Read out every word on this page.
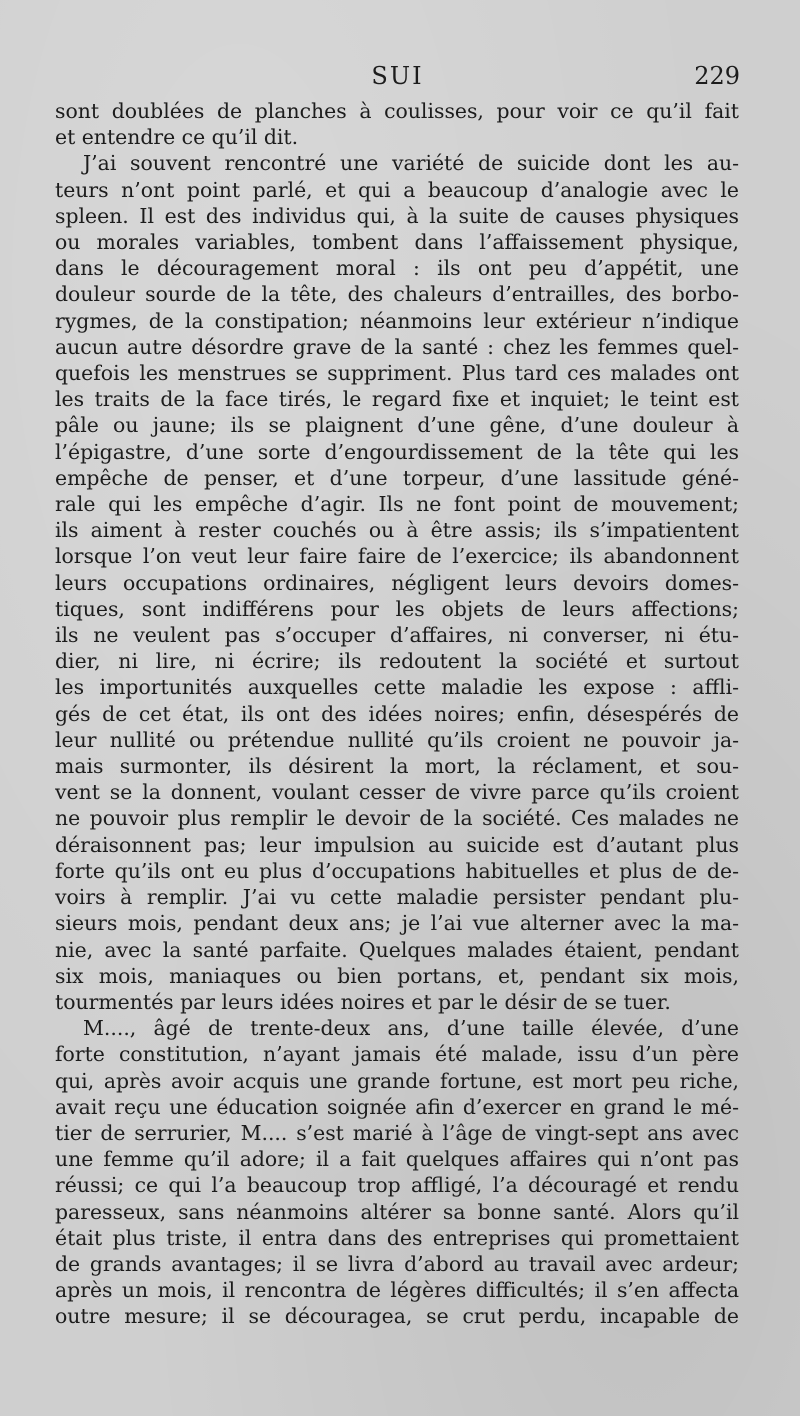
SUI	229
sont doublées de planches à coulisses, pour voir ce qu’il fait
et entendre ce qu’il dit.
J’ai souvent rencontré une variété de suicide dont les au-
teurs n’ont point parlé, et qui a beaucoup d’analogie avec le
spleen. Il est des individus qui, à la suite de causes physiques
ou morales variables, tombent dans l’affaissement physique,
dans le découragement moral : ils ont peu d’appétit, une
douleur sourde de la tête, des chaleurs d’entrailles, des borbo-
rygmes, de la constipation; néanmoins leur extérieur n’indique
aucun autre désordre grave de la santé : chez les femmes quel-
quefois les menstrues se suppriment. Plus tard ces malades ont
les traits de la face tirés, le regard fixe et inquiet; le teint est
pâle ou jaune; ils se plaignent d’une gêne, d’une douleur à
l’épigastre, d’une sorte d’engourdissement de la tête qui les
empêche de penser, et d’une torpeur, d’une lassitude géné-
rale qui les empêche d’agir. Ils ne font point de mouvement;
ils aiment à rester couchés ou à être assis; ils s’impatientent
lorsque l’on veut leur faire faire de l’exercice; ils abandonnent
leurs occupations ordinaires, négligent leurs devoirs domes-
tiques, sont indifférens pour les objets de leurs affections;
ils ne veulent pas s’occuper d’affaires, ni converser, ni étu-
dier, ni lire, ni écrire; ils redoutent la société et surtout
les importunités auxquelles cette maladie les expose : affli-
gés de cet état, ils ont des idées noires; enfin, désespérés de
leur nullité ou prétendue nullité qu’ils croient ne pouvoir ja-
mais surmonter, ils désirent la mort, la réclament, et sou-
vent se la donnent, voulant cesser de vivre parce qu’ils croient
ne pouvoir plus remplir le devoir de la société. Ces malades ne
déraisonnent pas; leur impulsion au suicide est d’autant plus
forte qu’ils ont eu plus d’occupations habituelles et plus de de-
voirs à remplir. J’ai vu cette maladie persister pendant plu-
sieurs mois, pendant deux ans; je l’ai vue alterner avec la ma-
nie, avec la santé parfaite. Quelques malades étaient, pendant
six mois, maniaques ou bien portans, et, pendant six mois,
tourmentés par leurs idées noires et par le désir de se tuer.
M...., âgé de trente-deux ans, d’une taille élevée, d’une
forte constitution, n’ayant jamais été malade, issu d’un père
qui, après avoir acquis une grande fortune, est mort peu riche,
avait reçu une éducation soignée afin d’exercer en grand le mé-
tier de serrurier, M.... s’est marié à l’âge de vingt-sept ans avec
une femme qu’il adore; il a fait quelques affaires qui n’ont pas
réussi; ce qui l’a beaucoup trop affligé, l’a découragé et rendu
paresseux, sans néanmoins altérer sa bonne santé. Alors qu’il
était plus triste, il entra dans des entreprises qui promettaient
de grands avantages; il se livra d’abord au travail avec ardeur;
après un mois, il rencontra de légères difficultés; il s’en affecta
outre mesure; il se découragea, se crut perdu, incapable de
